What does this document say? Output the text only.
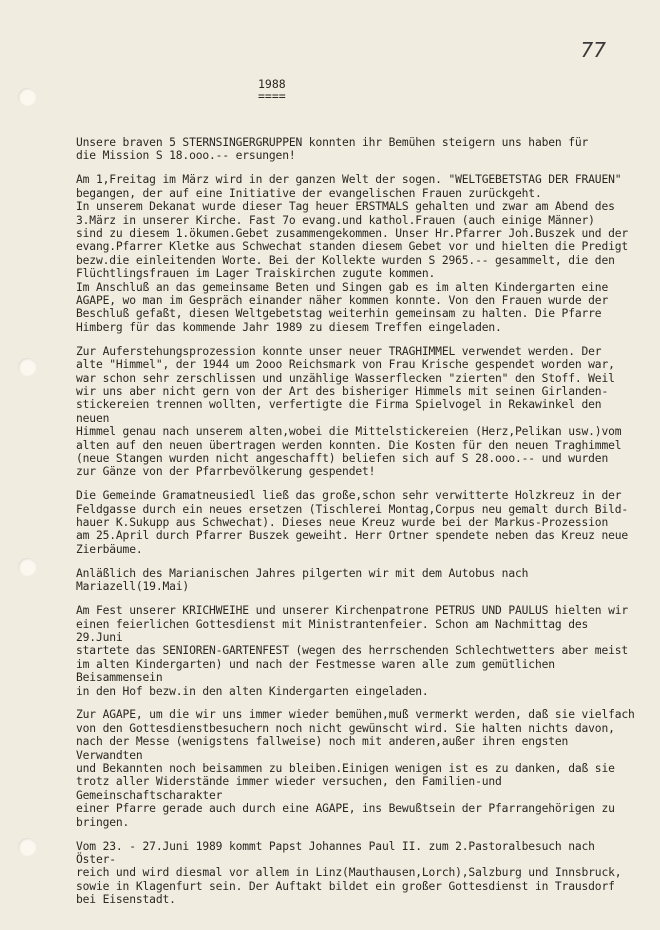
77
1988
====

Unsere braven 5 STERNSINGERGRUPPEN konnten ihr Bemühen steigern uns haben für
die Mission S 18.ooo.-- ersungen!

Am 1,Freitag im März wird in der ganzen Welt der sogen. "WELTGEBETSTAG DER FRAUEN"
begangen, der auf eine Initiative der evangelischen Frauen zurückgeht.
In unserem Dekanat wurde dieser Tag heuer ERSTMALS gehalten und zwar am Abend des
3.März in unserer Kirche. Fast 7o evang.und kathol.Frauen (auch einige Männer)
sind zu diesem 1.ökumen.Gebet zusammengekommen. Unser Hr.Pfarrer Joh.Buszek und der
evang.Pfarrer Kletke aus Schwechat standen diesem Gebet vor und hielten die Predigt
bezw.die einleitenden Worte. Bei der Kollekte wurden S 2965.-- gesammelt, die den
Flüchtlingsfrauen im Lager Traiskirchen zugute kommen.
Im Anschluß an das gemeinsame Beten und Singen gab es im alten Kindergarten eine
AGAPE, wo man im Gespräch einander näher kommen konnte. Von den Frauen wurde der
Beschluß gefaßt, diesen Weltgebetstag weiterhin gemeinsam zu halten. Die Pfarre
Himberg für das kommende Jahr 1989 zu diesem Treffen eingeladen.

Zur Auferstehungsprozession konnte unser neuer TRAGHIMMEL verwendet werden. Der
alte "Himmel", der 1944 um 2ooo Reichsmark von Frau Krische gespendet worden war,
war schon sehr zerschlissen und unzählige Wasserflecken "zierten" den Stoff. Weil
wir uns aber nicht gern von der Art des bisheriger Himmels mit seinen Girlanden-
stickereien trennen wollten, verfertigte die Firma Spielvogel in Rekawinkel den neuen
Himmel genau nach unserem alten,wobei die Mittelstickereien (Herz,Pelikan usw.)vom
alten auf den neuen übertragen werden konnten. Die Kosten für den neuen Traghimmel
(neue Stangen wurden nicht angeschafft) beliefen sich auf S 28.ooo.-- und wurden
zur Gänze von der Pfarrbevölkerung gespendet!

Die Gemeinde Gramatneusiedl ließ das große,schon sehr verwitterte Holzkreuz in der
Feldgasse durch ein neues ersetzen (Tischlerei Montag,Corpus neu gemalt durch Bild-
hauer K.Sukupp aus Schwechat). Dieses neue Kreuz wurde bei der Markus-Prozession
am 25.April durch Pfarrer Buszek geweiht. Herr Ortner spendete neben das Kreuz neue
Zierbäume.

Anläßlich des Marianischen Jahres pilgerten wir mit dem Autobus nach Mariazell(19.Mai)

Am Fest unserer KRICHWEIHE und unserer Kirchenpatrone PETRUS UND PAULUS hielten wir
einen feierlichen Gottesdienst mit Ministrantenfeier. Schon am Nachmittag des 29.Juni
startete das SENIOREN-GARTENFEST (wegen des herrschenden Schlechtwetters aber meist
im alten Kindergarten) und nach der Festmesse waren alle zum gemütlichen Beisammensein
in den Hof bezw.in den alten Kindergarten eingeladen.

Zur AGAPE, um die wir uns immer wieder bemühen,muß vermerkt werden, daß sie vielfach
von den Gottesdienstbesuchern noch nicht gewünscht wird. Sie halten nichts davon,
nach der Messe (wenigstens fallweise) noch mit anderen,außer ihren engsten Verwandten
und Bekannten noch beisammen zu bleiben.Einigen wenigen ist es zu danken, daß sie
trotz aller Widerstände immer wieder versuchen, den Familien-und Gemeinschaftscharakter
einer Pfarre gerade auch durch eine AGAPE, ins Bewußtsein der Pfarrangehörigen zu
bringen.

Vom 23. - 27.Juni 1989 kommt Papst Johannes Paul II. zum 2.Pastoralbesuch nach Öster-
reich und wird diesmal vor allem in Linz(Mauthausen,Lorch),Salzburg und Innsbruck,
sowie in Klagenfurt sein. Der Auftakt bildet ein großer Gottesdienst in Trausdorf
bei Eisenstadt.
